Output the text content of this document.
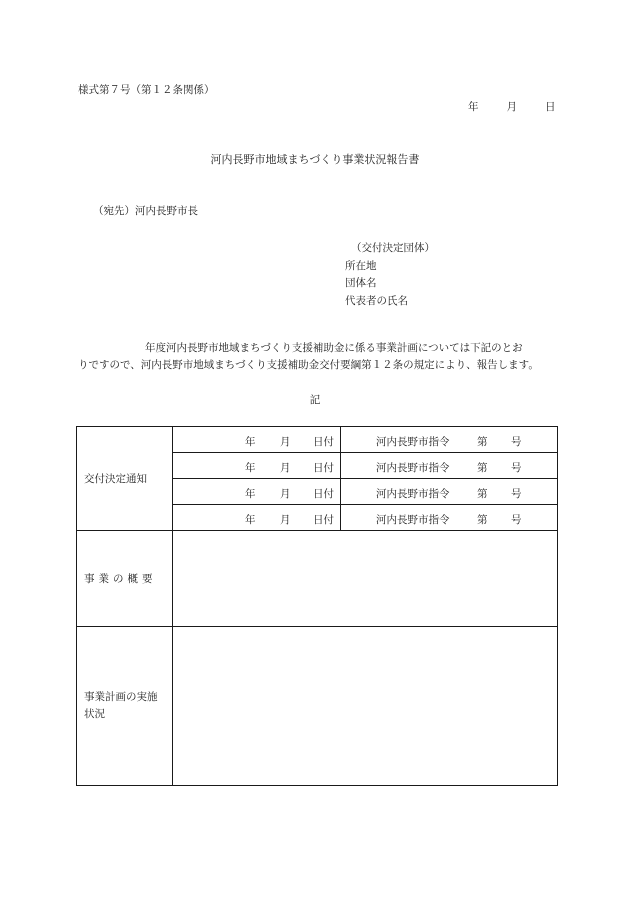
様式第７号（第１２条関係）
年	月	日
河内長野市地域まちづくり事業状況報告書
（宛先）河内長野市長
（交付決定団体）
所在地
団体名
代表者の氏名
年度河内長野市地域まちづくり支援補助金に係る事業計画については下記のとお
りですので、河内長野市地域まちづくり支援補助金交付要綱第１２条の規定により、報告します。
記
交付決定通知	年 月 日付	河内長野市指令 第 号

	年 月 日付	河内長野市指令 第 号

	年 月 日付	河内長野市指令 第 号

	年 月 日付	河内長野市指令 第 号

事業の概要		

事業計画の実施
状況		
